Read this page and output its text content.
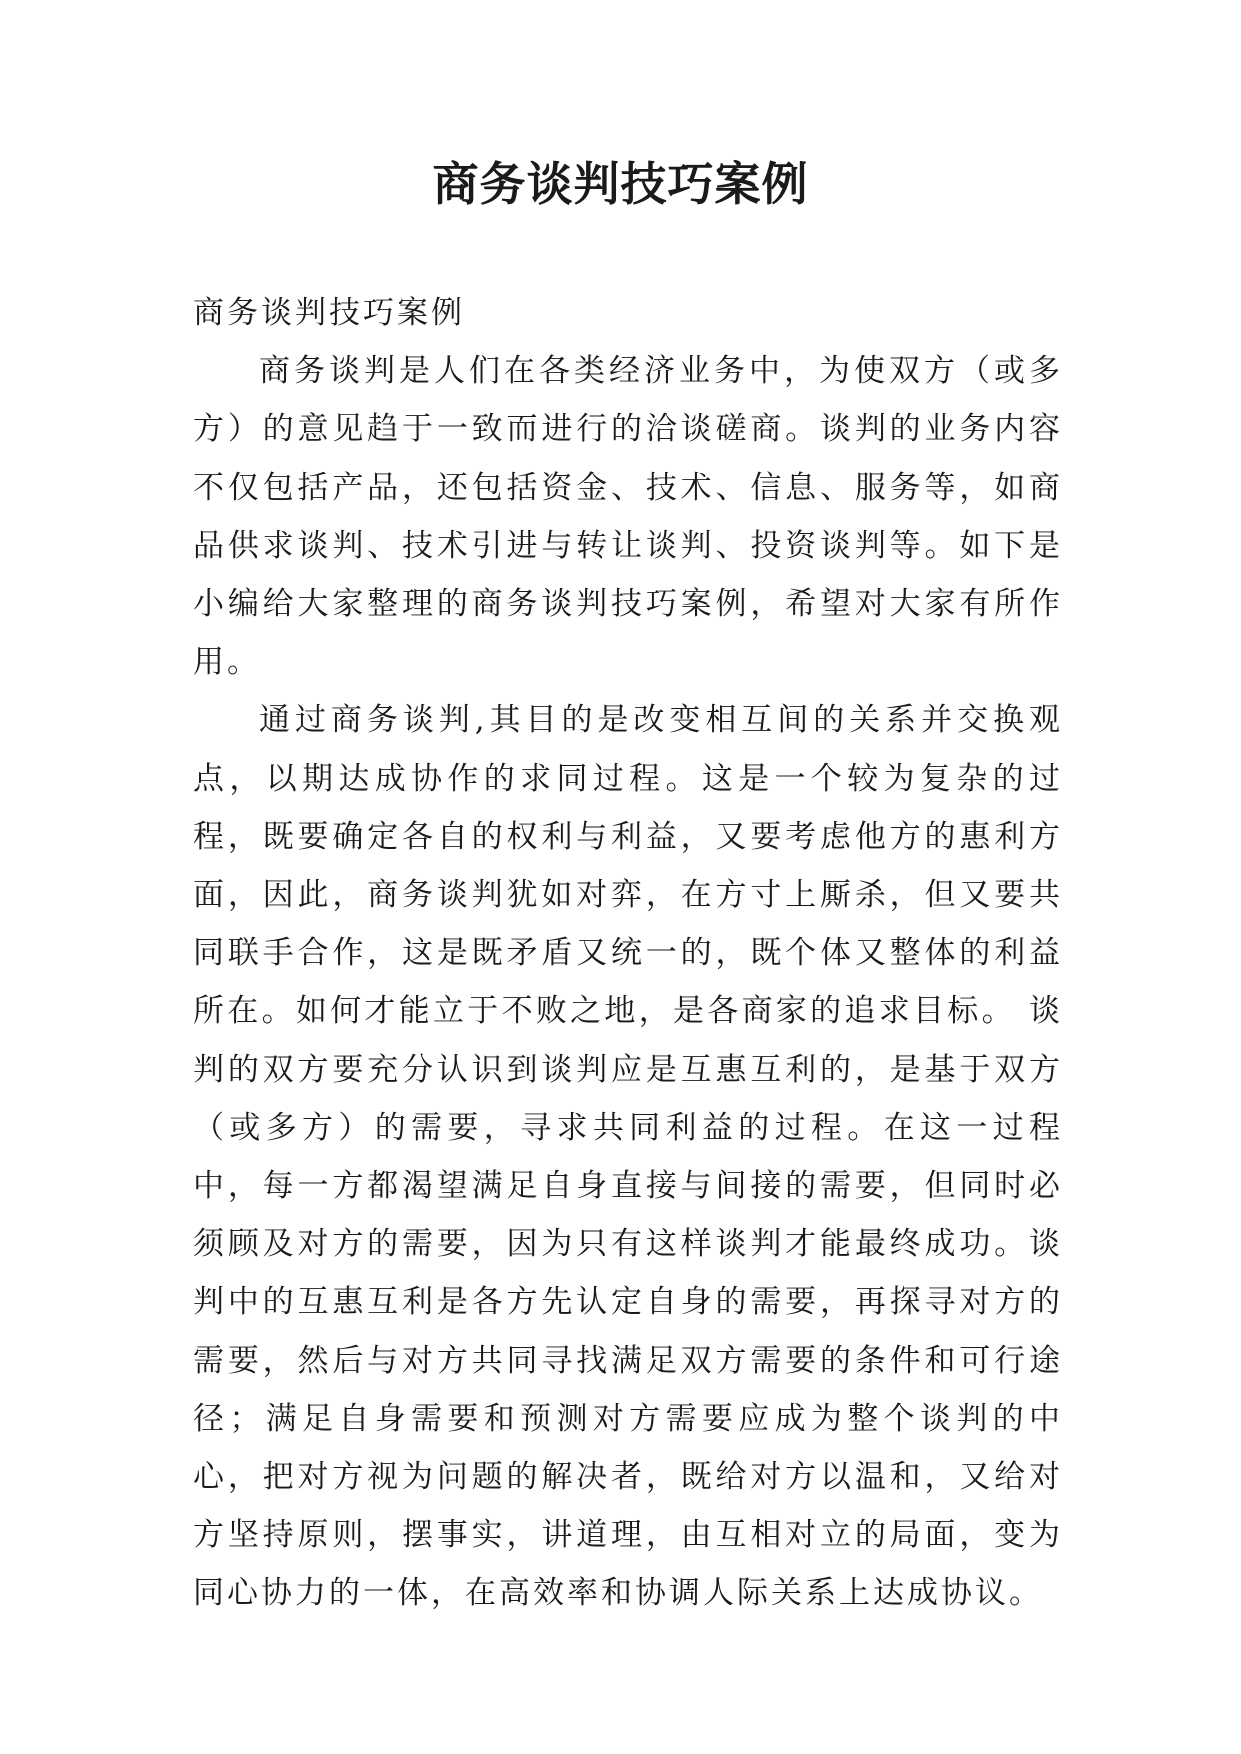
商务谈判技巧案例

商务谈判技巧案例

商务谈判是人们在各类经济业务中，为使双方（或多方）的意见趋于一致而进行的洽谈磋商。谈判的业务内容不仅包括产品，还包括资金、技术、信息、服务等，如商品供求谈判、技术引进与转让谈判、投资谈判等。如下是小编给大家整理的商务谈判技巧案例，希望对大家有所作用。

通过商务谈判,其目的是改变相互间的关系并交换观点，以期达成协作的求同过程。这是一个较为复杂的过程，既要确定各自的权利与利益，又要考虑他方的惠利方面，因此，商务谈判犹如对弈，在方寸上厮杀，但又要共同联手合作，这是既矛盾又统一的，既个体又整体的利益所在。如何才能立于不败之地，是各商家的追求目标。 谈判的双方要充分认识到谈判应是互惠互利的，是基于双方（或多方）的需要，寻求共同利益的过程。在这一过程中，每一方都渴望满足自身直接与间接的需要，但同时必须顾及对方的需要，因为只有这样谈判才能最终成功。谈判中的互惠互利是各方先认定自身的需要，再探寻对方的需要，然后与对方共同寻找满足双方需要的条件和可行途径；满足自身需要和预测对方需要应成为整个谈判的中心，把对方视为问题的解决者，既给对方以温和，又给对方坚持原则，摆事实，讲道理，由互相对立的局面，变为同心协力的一体，在高效率和协调人际关系上达成协议。
